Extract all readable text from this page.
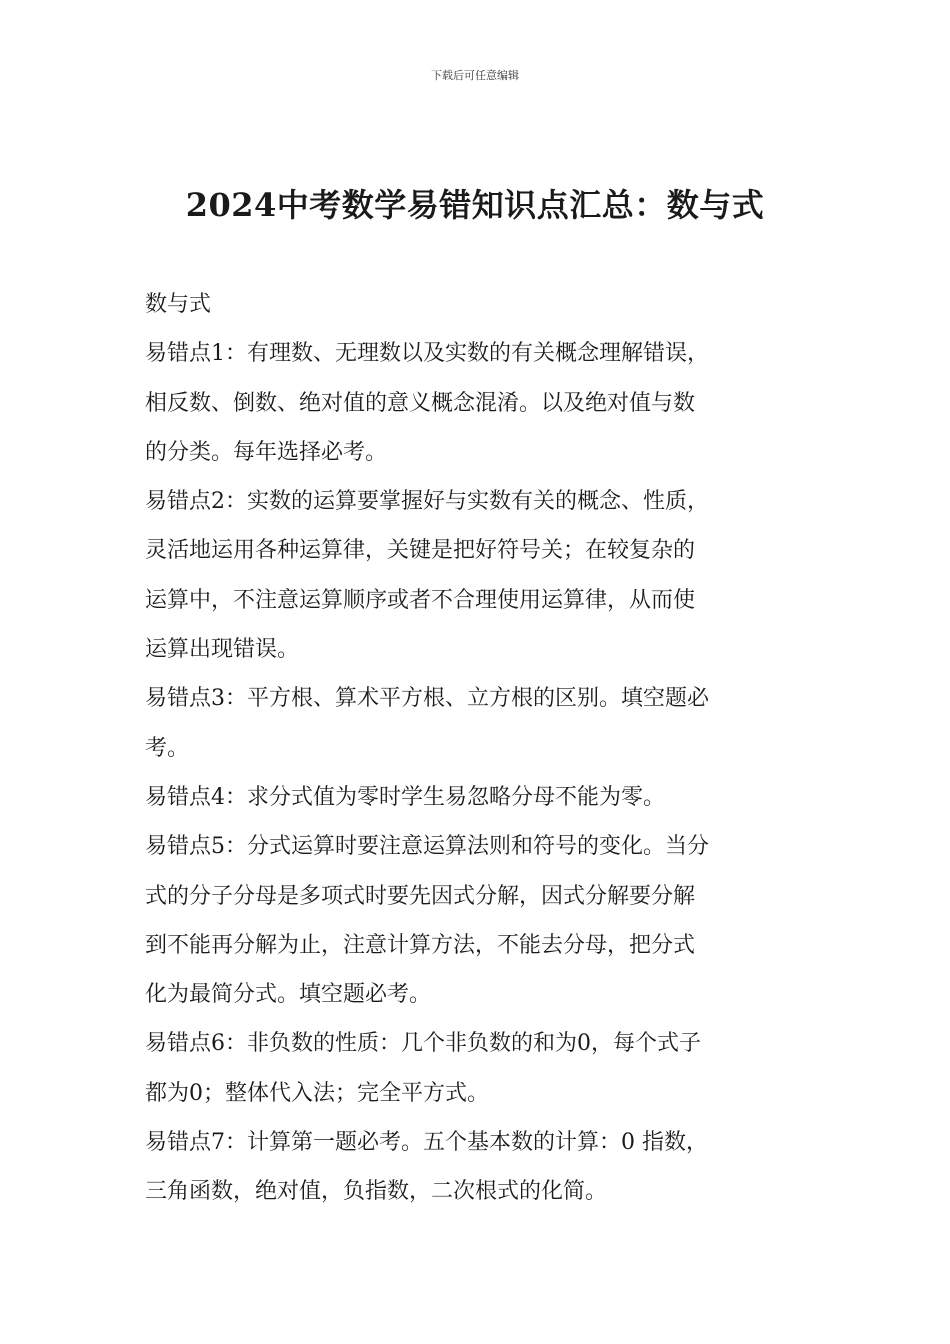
下载后可任意编辑
2024中考数学易错知识点汇总：数与式

数与式

易错点1：有理数、无理数以及实数的有关概念理解错误，

相反数、倒数、绝对值的意义概念混淆。以及绝对值与数

的分类。每年选择必考。

易错点2：实数的运算要掌握好与实数有关的概念、性质，

灵活地运用各种运算律，关键是把好符号关；在较复杂的

运算中，不注意运算顺序或者不合理使用运算律，从而使

运算出现错误。

易错点3：平方根、算术平方根、立方根的区别。填空题必

考。

易错点4：求分式值为零时学生易忽略分母不能为零。

易错点5：分式运算时要注意运算法则和符号的变化。当分

式的分子分母是多项式时要先因式分解，因式分解要分解

到不能再分解为止，注意计算方法，不能去分母，把分式

化为最简分式。填空题必考。

易错点6：非负数的性质：几个非负数的和为0，每个式子

都为0；整体代入法；完全平方式。

易错点7：计算第一题必考。五个基本数的计算：0 指数，

三角函数，绝对值，负指数，二次根式的化简。
